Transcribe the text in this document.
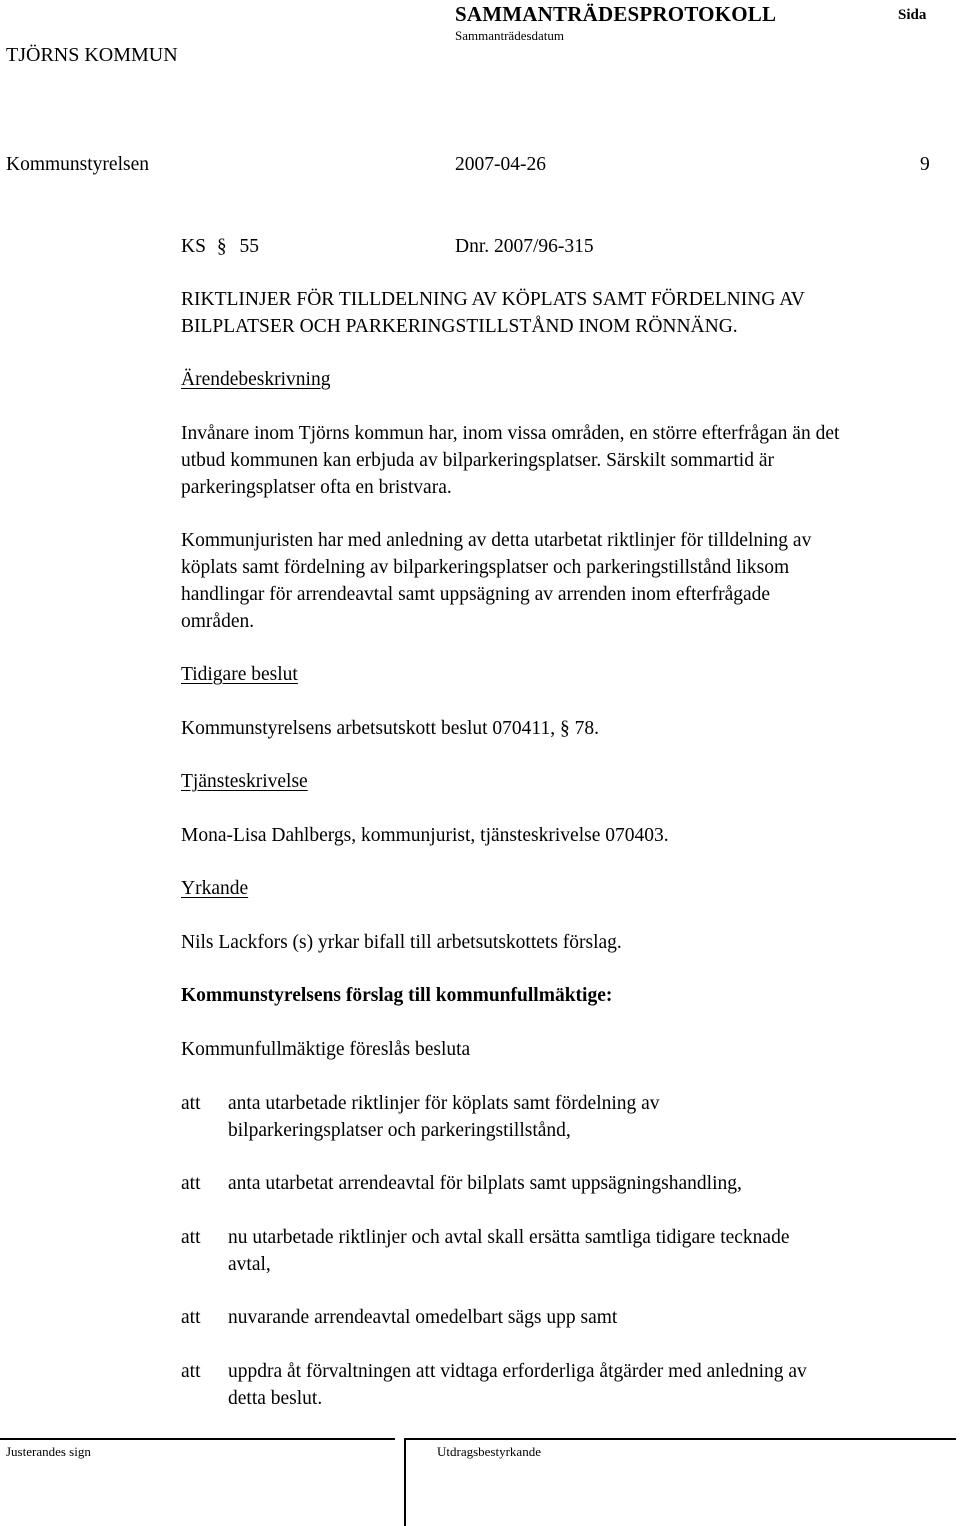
SAMMANTRÄDESPROTOKOLL	Sida
Sammanträdesdatum
TJÖRNS KOMMUN
Kommunstyrelsen	2007-04-26	9
KS § 55	Dnr. 2007/96-315
RIKTLINJER FÖR TILLDELNING AV KÖPLATS SAMT FÖRDELNING AV
BILPLATSER OCH PARKERINGSTILLSTÅND INOM RÖNNÄNG.
Ärendebeskrivning
Invånare inom Tjörns kommun har, inom vissa områden, en större efterfrågan än det
utbud kommunen kan erbjuda av bilparkeringsplatser. Särskilt sommartid är
parkeringsplatser ofta en bristvara.
Kommunjuristen har med anledning av detta utarbetat riktlinjer för tilldelning av
köplats samt fördelning av bilparkeringsplatser och parkeringstillstånd liksom
handlingar för arrendeavtal samt uppsägning av arrenden inom efterfrågade
områden.
Tidigare beslut
Kommunstyrelsens arbetsutskott beslut 070411, § 78.
Tjänsteskrivelse
Mona-Lisa Dahlbergs, kommunjurist, tjänsteskrivelse 070403.
Yrkande
Nils Lackfors (s) yrkar bifall till arbetsutskottets förslag.
Kommunstyrelsens förslag till kommunfullmäktige:
Kommunfullmäktige föreslås besluta
att anta utarbetade riktlinjer för köplats samt fördelning av
bilparkeringsplatser och parkeringstillstånd,
att anta utarbetat arrendeavtal för bilplats samt uppsägningshandling,
att nu utarbetade riktlinjer och avtal skall ersätta samtliga tidigare tecknade
avtal,
att nuvarande arrendeavtal omedelbart sägs upp samt
att uppdra åt förvaltningen att vidtaga erforderliga åtgärder med anledning av
detta beslut.
Justerandes sign	Utdragsbestyrkande
